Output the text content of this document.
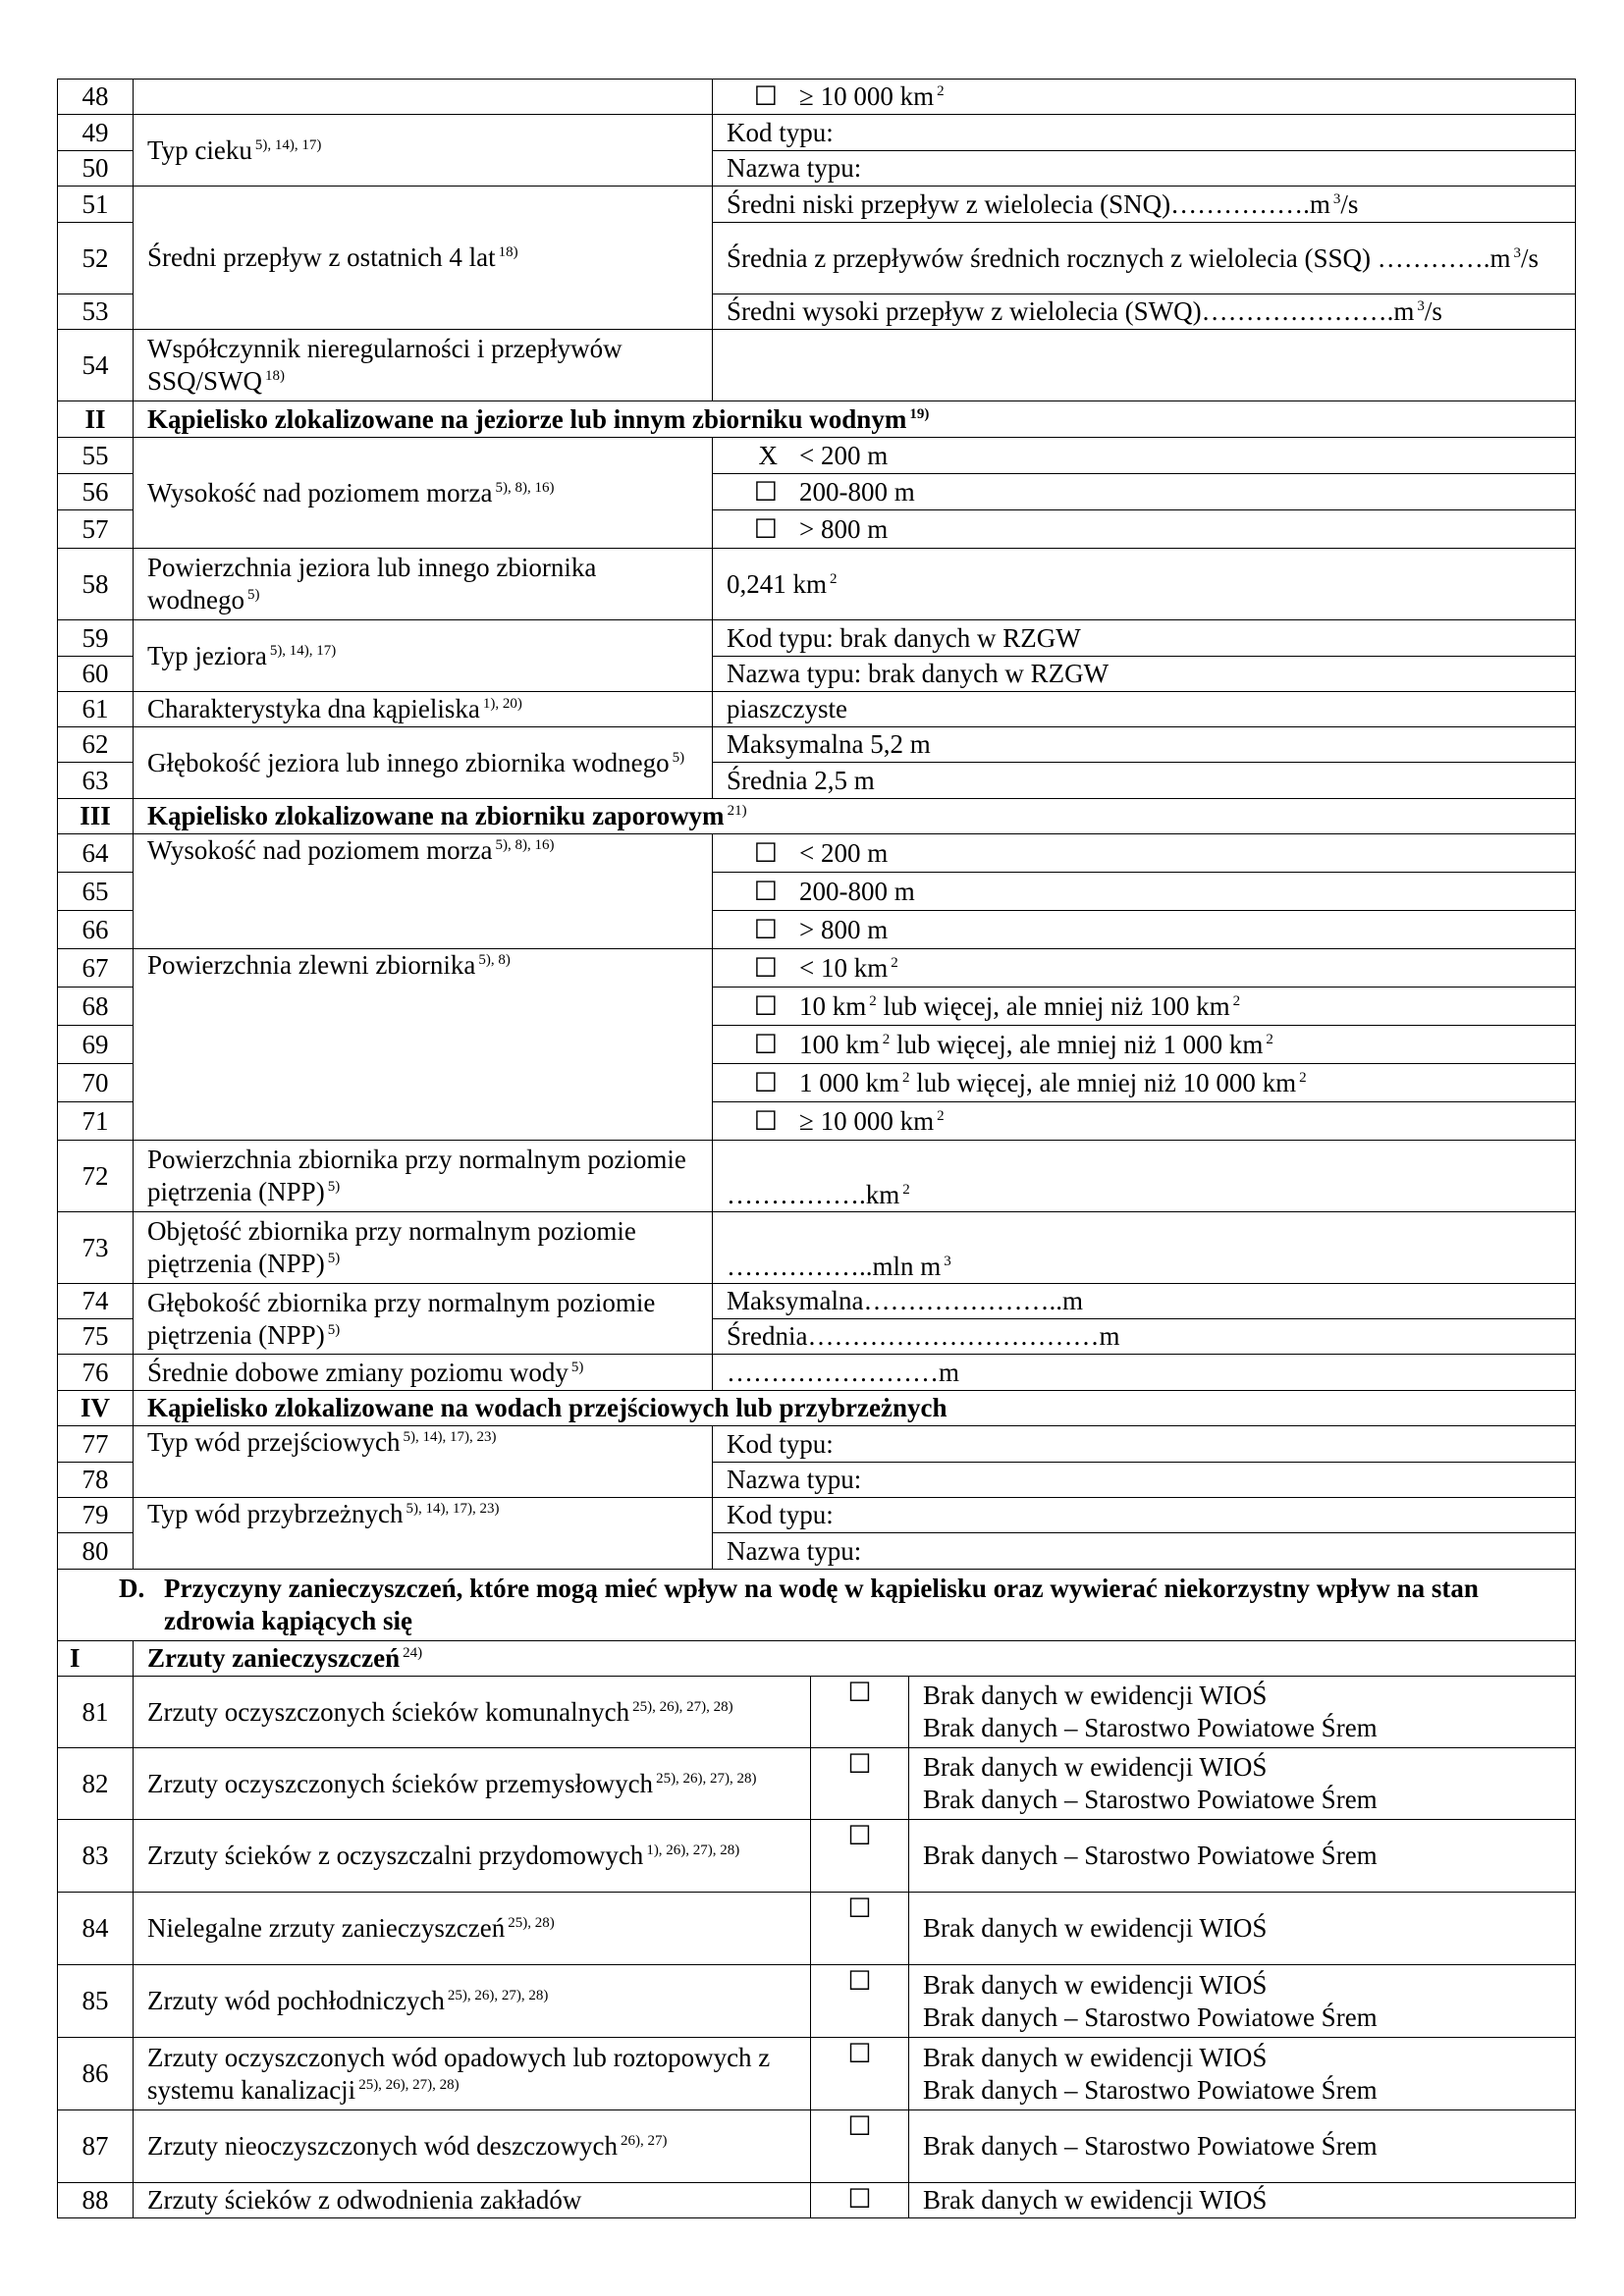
48		☐ ≥ 10 000 km $^2$
49	Typ cieku $^{5), 14), 17)}$	Kod typu:
50		Nazwa typu:
51	Średni przepływ z ostatnich 4 lat $^{18)}$	Średni niski przepływ z wielolecia (SNQ)…………….m $^3$/s
52		Średnia z przepływów średnich rocznych z wielolecia (SSQ) ………….m $^3$/s
53		Średni wysoki przepływ z wielolecia (SWQ)………………….m $^3$/s
54	Współczynnik nieregularności i przepływów SSQ/SWQ $^{18)}$	
II	Kąpielisko zlokalizowane na jeziorze lub innym zbiorniku wodnym $^{19)}$
55	Wysokość nad poziomem morza $^{5), 8), 16)}$	X < 200 m
56		☐ 200-800 m
57		☐ > 800 m
58	Powierzchnia jeziora lub innego zbiornika wodnego $^{5)}$	0,241 km $^2$
59	Typ jeziora $^{5), 14), 17)}$	Kod typu: brak danych w RZGW
60		Nazwa typu: brak danych w RZGW
61	Charakterystyka dna kąpieliska $^{1), 20)}$	piaszczyste
62	Głębokość jeziora lub innego zbiornika wodnego $^{5)}$	Maksymalna 5,2 m
63		Średnia 2,5 m
III	Kąpielisko zlokalizowane na zbiorniku zaporowym $^{21)}$
64	Wysokość nad poziomem morza $^{5), 8), 16)}$	☐ < 200 m
65		☐ 200-800 m
66		☐ > 800 m
67	Powierzchnia zlewni zbiornika $^{5), 8)}$	☐ < 10 km $^2$
68		☐ 10 km $^2$ lub więcej, ale mniej niż 100 km $^2$
69		☐ 100 km $^2$ lub więcej, ale mniej niż 1 000 km $^2$
70		☐ 1 000 km $^2$ lub więcej, ale mniej niż 10 000 km $^2$
71		☐ ≥ 10 000 km $^2$
72	Powierzchnia zbiornika przy normalnym poziomie piętrzenia (NPP) $^{5)}$	…………….km $^2$
73	Objętość zbiornika przy normalnym poziomie piętrzenia (NPP) $^{5)}$	……………..mln m $^3$
74	Głębokość zbiornika przy normalnym poziomie piętrzenia (NPP) $^{5)}$	Maksymalna…………………..m
75		Średnia……………………………m
76	Średnie dobowe zmiany poziomu wody $^{5)}$	……………………m
IV	Kąpielisko zlokalizowane na wodach przejściowych lub przybrzeżnych	
77	Typ wód przejściowych $^{5), 14), 17), 23)}$	Kod typu:
78		Nazwa typu:
79	Typ wód przybrzeżnych $^{5), 14), 17), 23)}$	Kod typu:
80		Nazwa typu:

D. Przyczyny zanieczyszczeń, które mogą mieć wpływ na wodę w kąpielisku oraz wywierać niekorzystny wpływ na stan zdrowia kąpiących się		

I	Zrzuty zanieczyszczeń $^{24)}$
81	Zrzuty oczyszczonych ścieków komunalnych $^{25), 26), 27), 28)}$	☐	Brak danych w ewidencji WIOŚ
Brak danych – Starostwo Powiatowe Śrem

82	Zrzuty oczyszczonych ścieków przemysłowych $^{25), 26), 27), 28)}$	☐	Brak danych w ewidencji WIOŚ
Brak danych – Starostwo Powiatowe Śrem

83	Zrzuty ścieków z oczyszczalni przydomowych $^{1), 26), 27), 28)}$	☐	Brak danych – Starostwo Powiatowe Śrem

84	Nielegalne zrzuty zanieczyszczeń $^{25), 28)}$	☐	Brak danych w ewidencji WIOŚ

85	Zrzuty wód pochłodniczych $^{25), 26), 27), 28)}$	☐	Brak danych w ewidencji WIOŚ
Brak danych – Starostwo Powiatowe Śrem

86	Zrzuty oczyszczonych wód opadowych lub roztopowych z systemu kanalizacji $^{25), 26), 27), 28)}$	☐	Brak danych w ewidencji WIOŚ
Brak danych – Starostwo Powiatowe Śrem

87	Zrzuty nieoczyszczonych wód deszczowych $^{26), 27)}$	☐	Brak danych – Starostwo Powiatowe Śrem

88	Zrzuty ścieków z odwodnienia zakładów	☐	Brak danych w ewidencji WIOŚ
